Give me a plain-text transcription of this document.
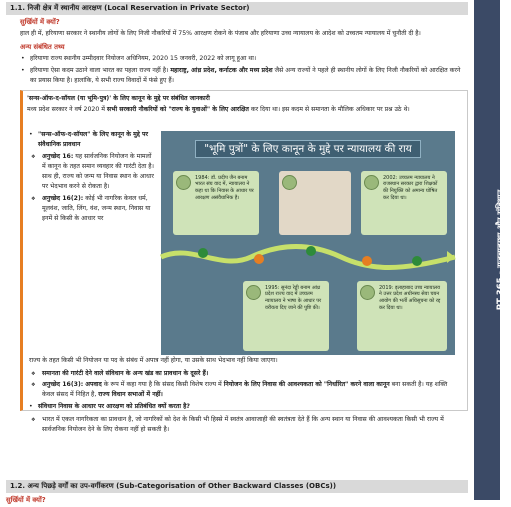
PT 365 - राजव्यवस्था और संविधान
1.1. निजी क्षेत्र में स्थानीय आरक्षण (Local Reservation in Private Sector)
सुर्खियों में क्यों?

हाल ही में, हरियाणा सरकार ने स्थानीय लोगों के लिए निजी नौकरियों में 75% आरक्षण रोकने के पंजाब और हरियाणा उच्च न्यायालय के आदेश को उच्चतम न्यायालय में चुनौती दी है।

अन्य संबंधित तथ्य
• हरियाणा राज्य स्थानीय उम्मीदवार नियोजन अधिनियम, 2020 15 जनवरी, 2022 को लागू हुआ था।
• हरियाणा ऐसा कदम उठाने वाला भारत का पहला राज्य नहीं है। महाराष्ट्र, आंध्र प्रदेश, कर्नाटक और मध्य प्रदेश जैसे अन्य राज्यों ने पहले ही स्थानीय लोगों के लिए निजी नौकरियों को आरक्षित करने का प्रयास किया है। हालांकि, ये सभी राज्य विवादों में फंसे हुए हैं।
'सन्स-ऑफ-द-सॉयल (या भूमि-पुत्र)' के लिए कानून के मुद्दे पर संबंधित जानकारी
मध्य प्रदेश सरकार ने वर्ष 2020 में सभी सरकारी नौकरियों को "राज्य के युवाओं" के लिए आरक्षित कर दिया था। इस कदम से समानता के मौलिक अधिकार पर प्रश्न उठे थे।
• "सन्स-ऑफ-द-सॉयल" के लिए कानून के मुद्दे पर संवैधानिक प्रावधान
❖ अनुच्छेद 16: यह सार्वजनिक नियोजन के मामलों में कानून के तहत समान व्यवहार की गारंटी देता है। साथ ही, राज्य को जन्म या निवास स्थान के आधार पर भेदभाव करने से रोकता है।
❖ अनुच्छेद 16(2): कोई भी नागरिक केवल धर्म, मूलवंश, जाति, लिंग, वंश, जन्म स्थान, निवास या इनमें से किसी के आधार पर
"भूमि पुत्रों" के लिए कानून के मुद्दे पर न्यायालय की राय
1984: डॉ. प्रदीप जैन बनाम भारत संघ वाद में, न्यायालय ने कहा था कि निवास के आधार पर आरक्षण असंवैधानिक है।
2002: उच्चतम न्यायालय ने राजस्थान सरकार द्वारा शिक्षकों की नियुक्ति को अमान्य घोषित कर दिया था।
1995: सुनंदा रेड्डी बनाम आंध्र प्रदेश राज्य वाद में उच्चतम न्यायालय ने भाषा के आधार पर वरीयता दिए जाने की पुष्टि की।
2019: इलाहाबाद उच्च न्यायालय ने उत्तर प्रदेश अधीनस्थ सेवा चयन आयोग की भर्ती अधिसूचना को रद्द कर दिया था।

राज्य के तहत किसी भी नियोजन या पद के संबंध में अपात्र नहीं होगा, या उसके साथ भेदभाव नहीं किया जाएगा।

❖ समानता की गारंटी देने वाले संविधान के अन्य खंड का प्रावधान के दूसरे हैं।
❖ अनुच्छेद 16(3): अपवाद के रूप में कहा गया है कि संसद किसी विशेष राज्य में नियोजन के लिए निवास की आवश्यकता को "निर्धारित" करने वाला कानून बना सकती है। यह शक्ति केवल संसद में निहित है, राज्य विधान सभाओं में नहीं।
• संविधान निवास के आधार पर आरक्षण को प्रतिबंधित क्यों करता है?
❖ भारत में एकल नागरिकता का प्रावधान है, जो नागरिकों को देश के किसी भी हिस्से में स्वतंत्र आवाजाही की स्वतंत्रता देते हैं कि अन्य स्थान या निवास की आवश्यकता किसी भी राज्य में सार्वजनिक नियोजन देने के लिए रोकना नहीं हो सकती है।
1.2. अन्य पिछड़े वर्गों का उप-वर्गीकरण (Sub-Categorisation of Other Backward Classes (OBCs))
सुर्खियों में क्यों?
